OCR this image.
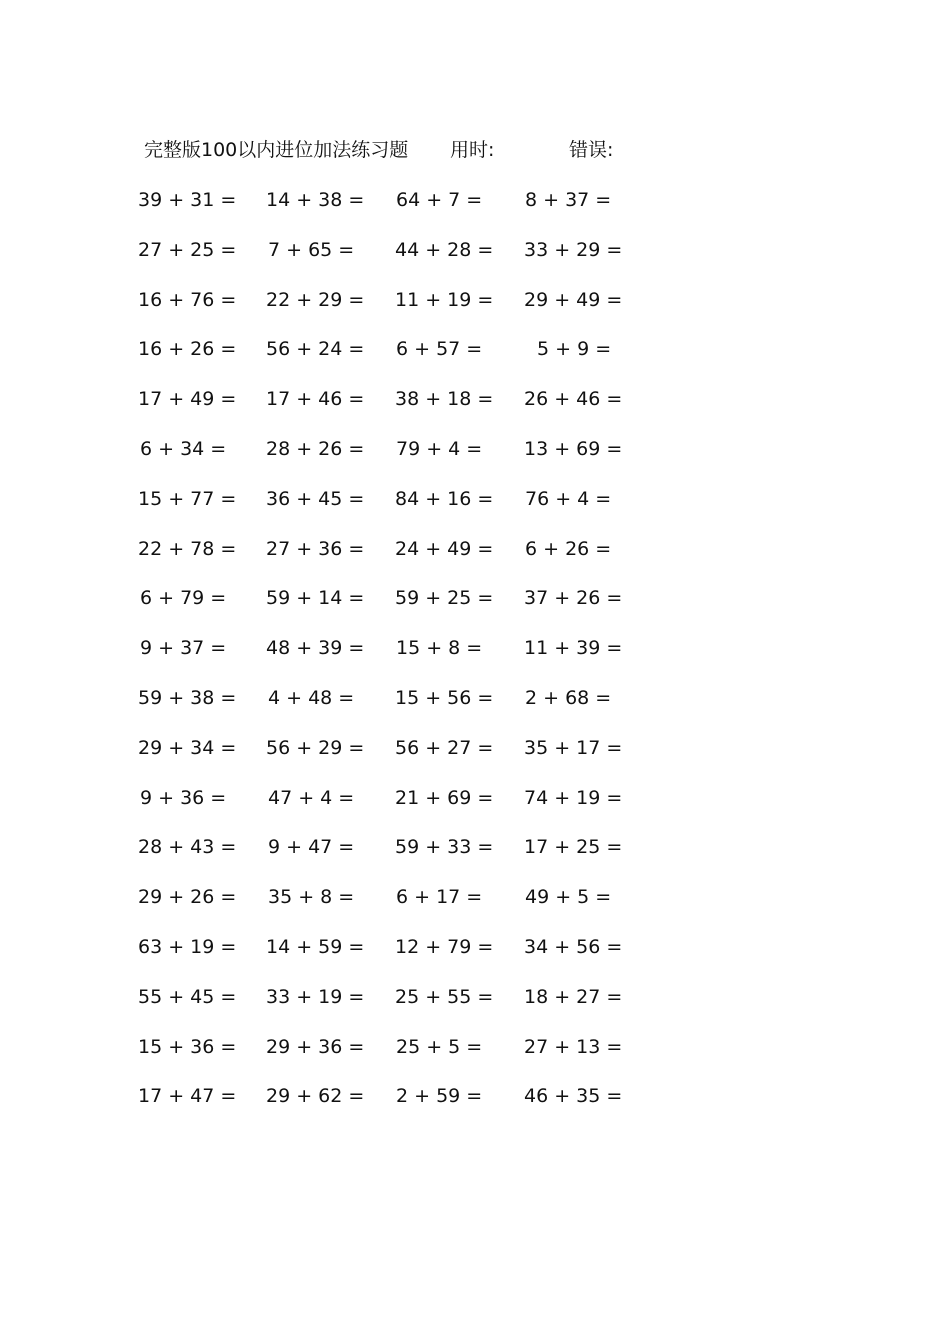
完整版100以内进位加法练习题 用时:	错误:
39 + 31 = 14 + 38 = 64 + 7 = 8 + 37 =
27 + 25 = 7 + 65 = 44 + 28 = 33 + 29 =
16 + 76 = 22 + 29 = 11 + 19 = 29 + 49 =
16 + 26 = 56 + 24 = 6 + 57 =	5 + 9 =
17 + 49 = 17 + 46 = 38 + 18 = 26 + 46 =
6 + 34 = 28 + 26 = 79 + 4 = 13 + 69 =
15 + 77 = 36 + 45 = 84 + 16 = 76 + 4 =
22 + 78 = 27 + 36 = 24 + 49 = 6 + 26 =
6 + 79 = 59 + 14 = 59 + 25 = 37 + 26 =
9 + 37 = 48 + 39 = 15 + 8 = 11 + 39 =
59 + 38 = 4 + 48 = 15 + 56 = 2 + 68 =
29 + 34 = 56 + 29 = 56 + 27 = 35 + 17 =
9 + 36 = 47 + 4 = 21 + 69 = 74 + 19 =
28 + 43 = 9 + 47 = 59 + 33 = 17 + 25 =
29 + 26 = 35 + 8 = 6 + 17 = 49 + 5 =
63 + 19 = 14 + 59 = 12 + 79 = 34 + 56 =
55 + 45 = 33 + 19 = 25 + 55 = 18 + 27 =
15 + 36 = 29 + 36 = 25 + 5 = 27 + 13 =
17 + 47 = 29 + 62 = 2 + 59 = 46 + 35 =
